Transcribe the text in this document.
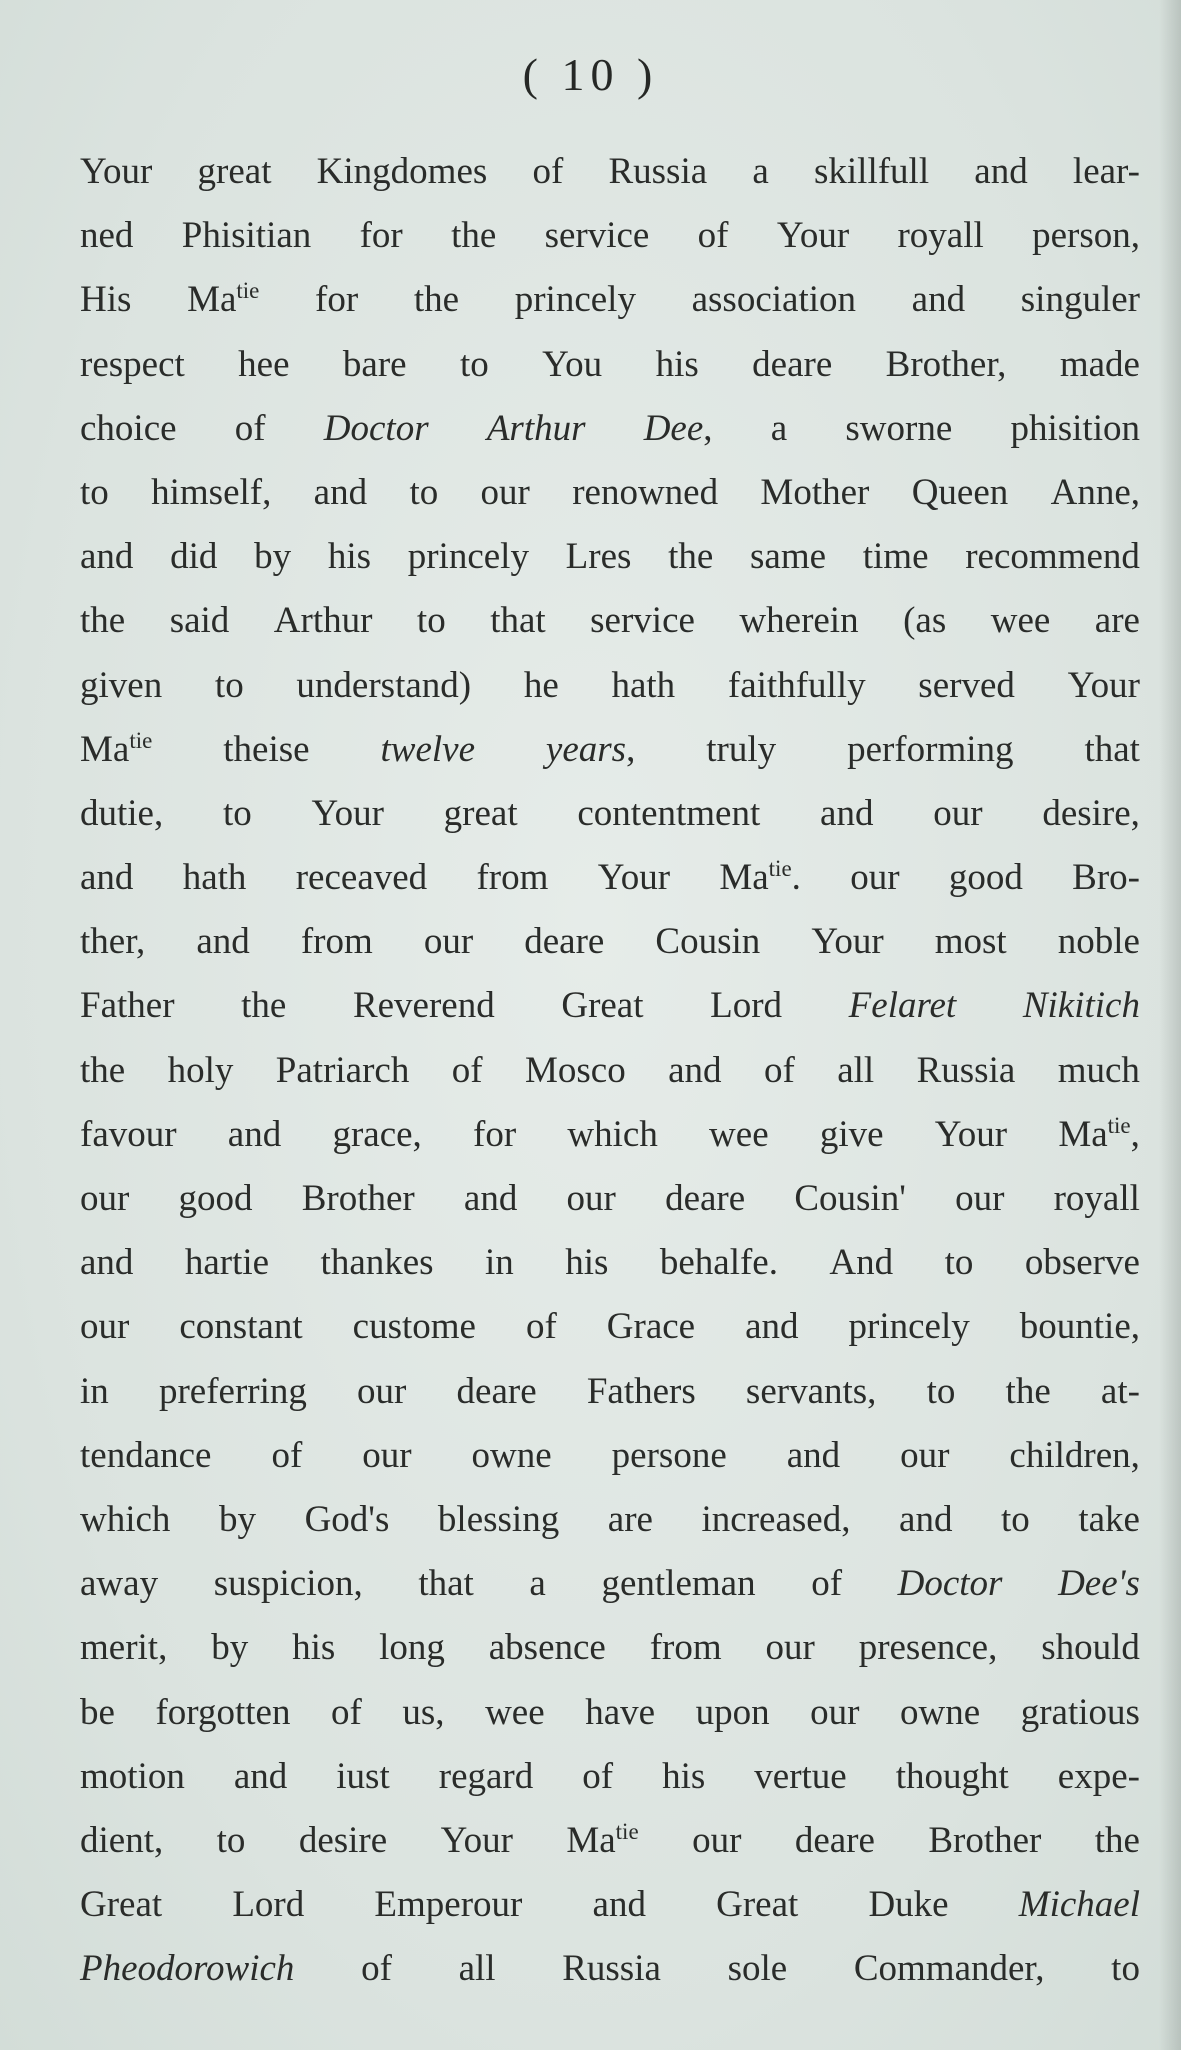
( 10 )
Your great Kingdomes of Russia a skillfull and lear-
ned Phisitian for the service of Your royall person,
His $Ma^{tie}$ for the princely association and singuler
respect hee bare to You his deare Brother, made
choice of Doctor Arthur Dee, a sworne phisition
to himself, and to our renowned Mother Queen Anne,
and did by his princely Lres the same time recommend
the said Arthur to that service wherein (as wee are
given to understand) he hath faithfully served Your
$Ma^{tie}$ theise twelve years, truly performing that
dutie, to Your great contentment and our desire,
and hath receaved from Your $Ma^{tie}$. our good Bro-
ther, and from our deare Cousin Your most noble
Father the Reverend Great Lord Felaret Nikitich
the holy Patriarch of Mosco and of all Russia much
favour and grace, for which wee give Your $Ma^{tie}$,
our good Brother and our deare Cousin' our royall
and hartie thankes in his behalfe. And to observe
our constant custome of Grace and princely bountie,
in preferring our deare Fathers servants, to the at-
tendance of our owne persone and our children,
which by God's blessing are increased, and to take
away suspicion, that a gentleman of Doctor Dee's
merit, by his long absence from our presence, should
be forgotten of us, wee have upon our owne gratious
motion and iust regard of his vertue thought expe-
dient, to desire Your $Ma^{tie}$ our deare Brother the
Great Lord Emperour and Great Duke Michael
Pheodorowich of all Russia sole Commander, to
